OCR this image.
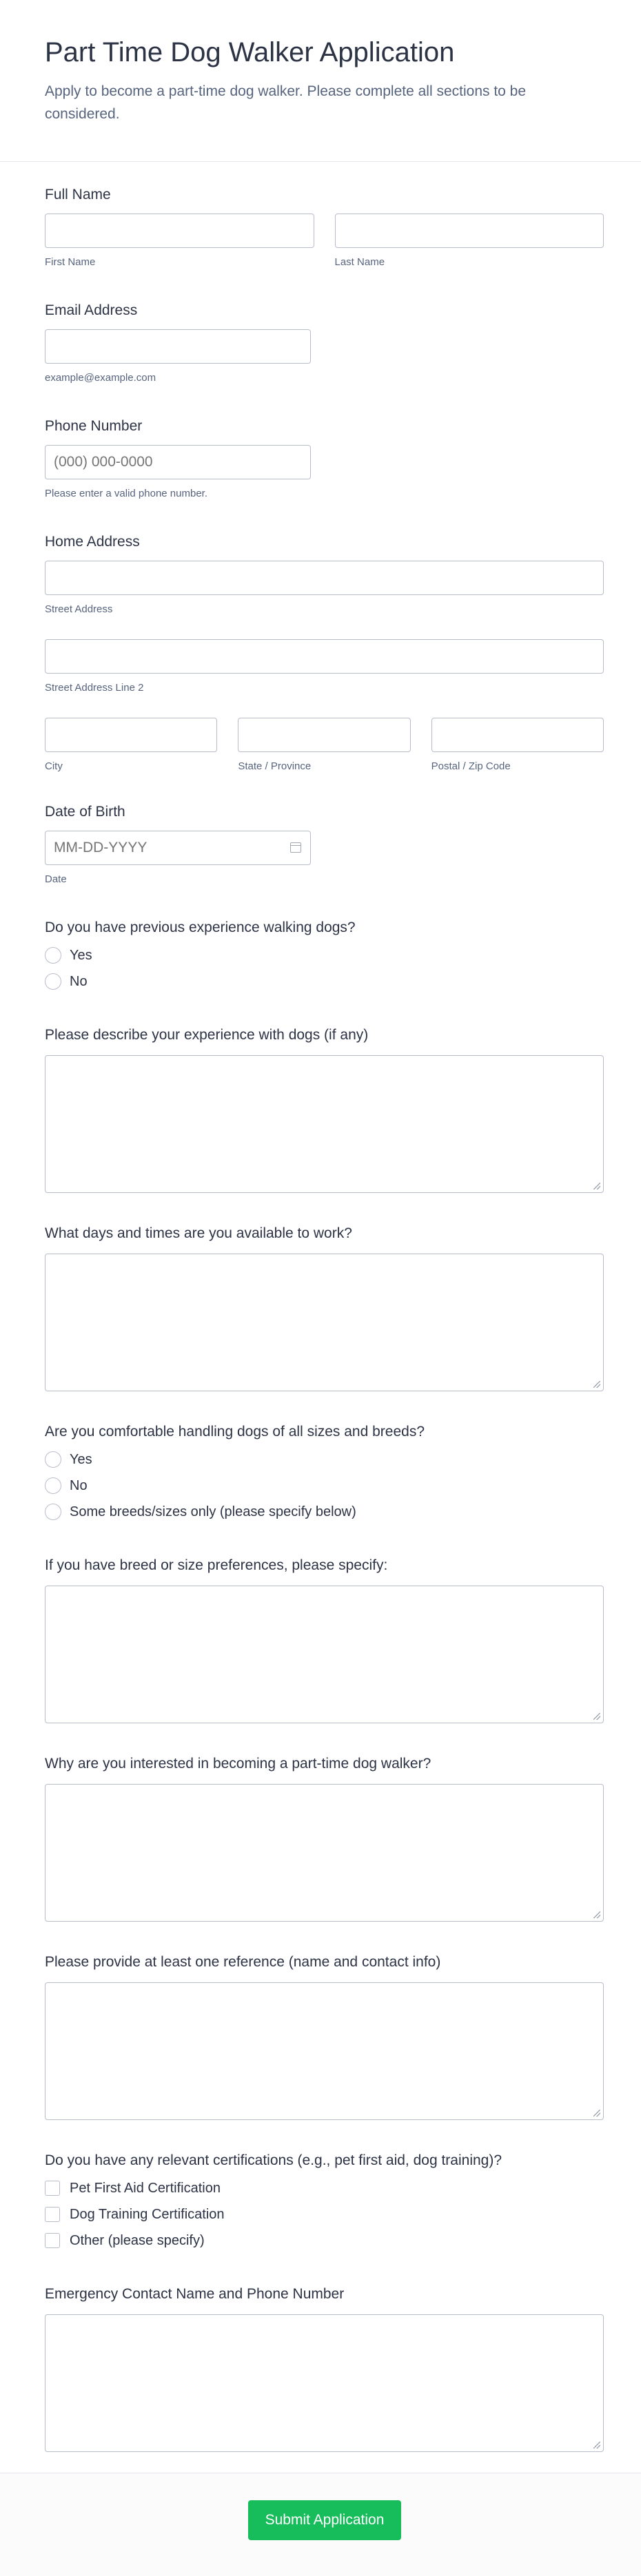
Part Time Dog Walker Application

Apply to become a part-time dog walker. Please complete all sections to be considered.

Full Name
First Name	Last Name
Email Address
example@example.com
Phone Number
(000) 000-0000
Please enter a valid phone number.
Home Address
Street Address
Street Address Line 2
City	State / Province	Postal / Zip Code
Date of Birth
MM-DD-YYYY
Date
Do you have previous experience walking dogs?
Yes
No
Please describe your experience with dogs (if any)
What days and times are you available to work?
Are you comfortable handling dogs of all sizes and breeds?
Yes
No
Some breeds/sizes only (please specify below)
If you have breed or size preferences, please specify:
Why are you interested in becoming a part-time dog walker?
Please provide at least one reference (name and contact info)
Do you have any relevant certifications (e.g., pet first aid, dog training)?
Pet First Aid Certification
Dog Training Certification
Other (please specify)
Emergency Contact Name and Phone Number
Submit Application
